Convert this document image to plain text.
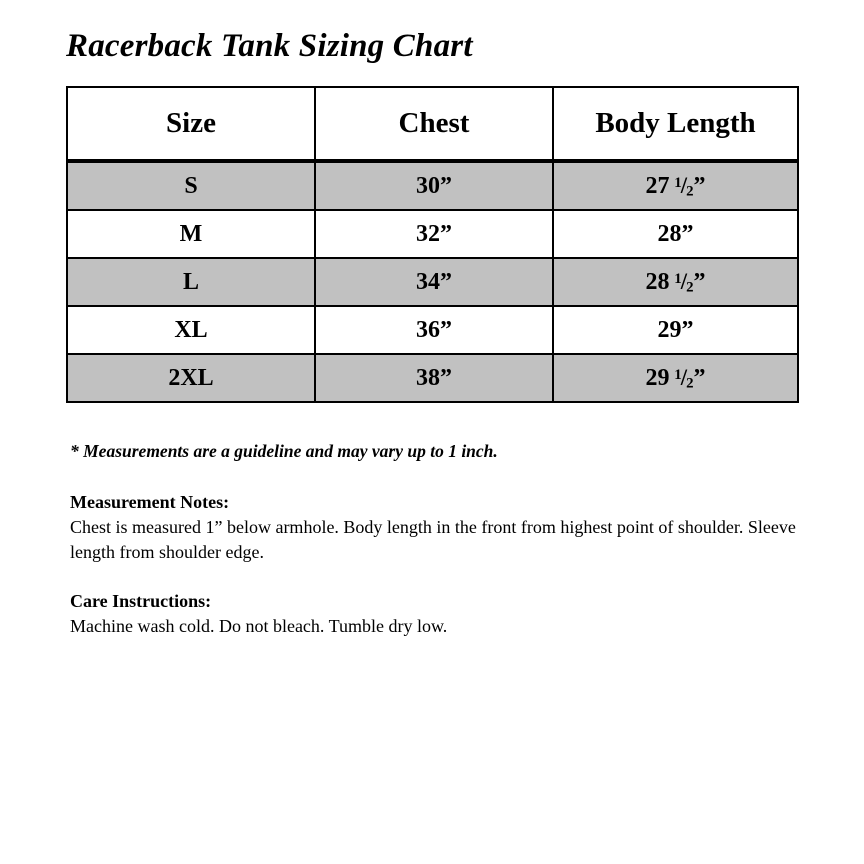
Racerback Tank Sizing Chart
Size	Chest	Body Length
S	30”	27  $^1/_2$”
M	32”	28”
L	34”	28  $^1/_2$”
XL	36”	29”
2XL	38”	29  $^1/_2$”

* Measurements are a guideline and may vary up to 1 inch.

Measurement Notes:

Chest is measured 1” below armhole. Body length in the front from highest point of shoulder. Sleeve length from shoulder edge.

Care Instructions:

Machine wash cold. Do not bleach. Tumble dry low.
